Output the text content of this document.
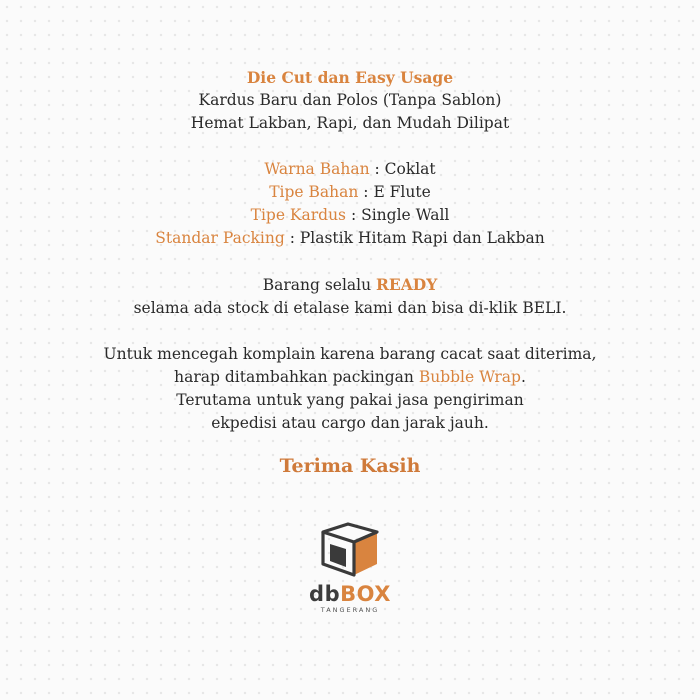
Die Cut dan Easy Usage
Kardus Baru dan Polos (Tanpa Sablon)
Hemat Lakban, Rapi, dan Mudah Dilipat
Warna Bahan : Coklat
Tipe Bahan : E Flute
Tipe Kardus : Single Wall
Standar Packing : Plastik Hitam Rapi dan Lakban
Barang selalu READY
selama ada stock di etalase kami dan bisa di-klik BELI.
Untuk mencegah komplain karena barang cacat saat diterima,
harap ditambahkan packingan Bubble Wrap.
Terutama untuk yang pakai jasa pengiriman
ekpedisi atau cargo dan jarak jauh.
Terima Kasih
dbBOX
TANGERANG
